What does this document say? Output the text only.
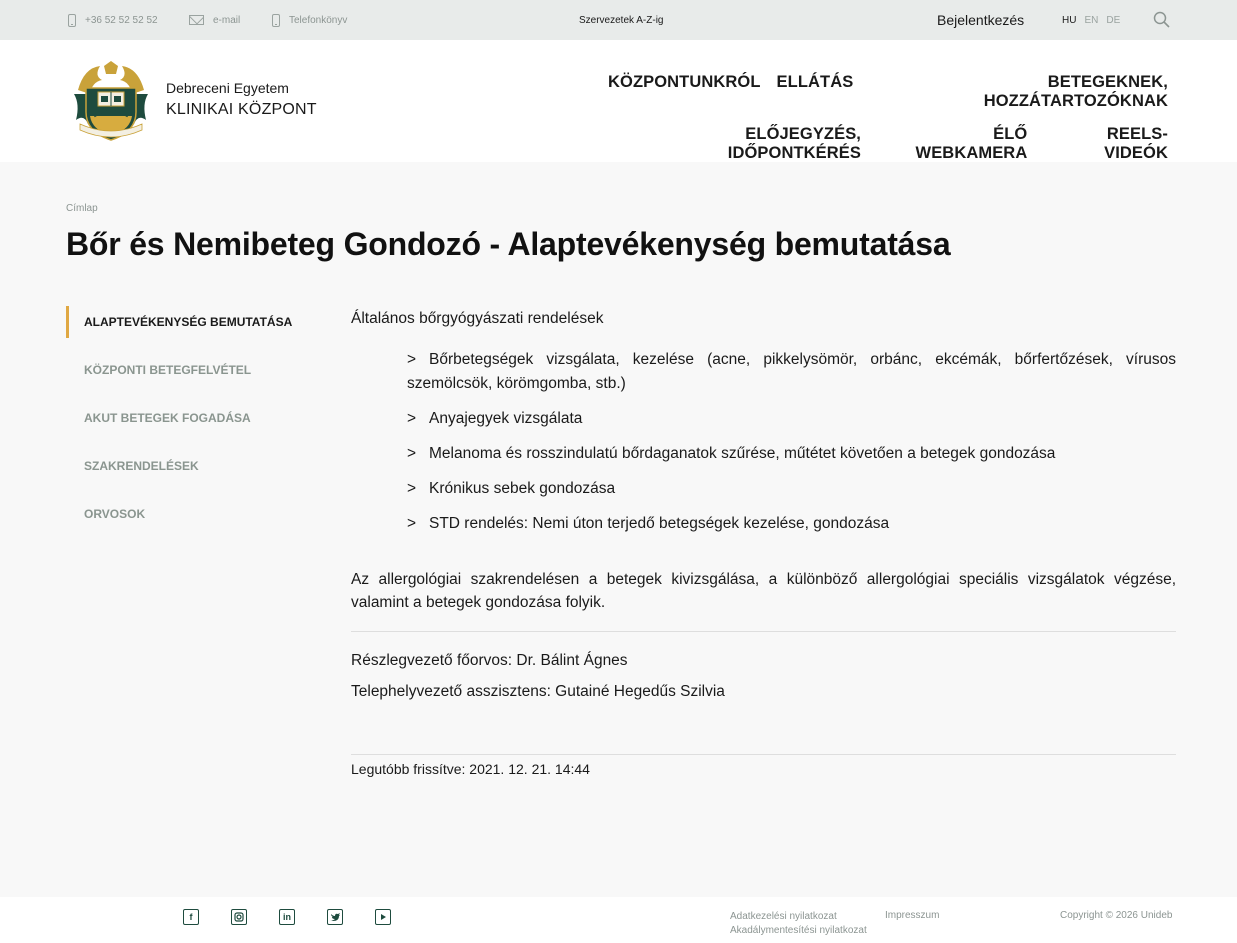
+36 52 52 52 52	e-mail	Telefonkönyv	Szervezetek A-Z-ig	Bejelentkezés	HU EN DE
Debreceni Egyetem
KLINIKAI KÖZPONT
KÖZPONTUNKRÓL ELLÁTÁS	BETEGEKNEK, HOZZÁTARTOZÓKNAK
ELŐJEGYZÉS, IDŐPONTKÉRÉS
ÉLŐ WEBKAMERA
REELS-VIDEÓK
Címlap
Bőr és Nemibeteg Gondozó - Alaptevékenység bemutatása
ALAPTEVÉKENYSÉG BEMUTATÁSA
KÖZPONTI BETEGFELVÉTEL
AKUT BETEGEK FOGADÁSA
SZAKRENDELÉSEK
ORVOSOK

Általános bőrgyógyászati rendelések

> Bőrbetegségek vizsgálata, kezelése (acne, pikkelysömör, orbánc, ekcémák, bőrfertőzések, vírusos szemölcsök, körömgomba, stb.)
> Anyajegyek vizsgálata
> Melanoma és rosszindulatú bőrdaganatok szűrése, műtétet követően a betegek gondozása
> Krónikus sebek gondozása
> STD rendelés: Nemi úton terjedő betegségek kezelése, gondozása

Az allergológiai szakrendelésen a betegek kivizsgálása, a különböző allergológiai speciális vizsgálatok végzése, valamint a betegek gondozása folyik.

Részlegvezető főorvos: Dr. Bálint Ágnes

Telephelyvezető asszisztens: Gutainé Hegedűs Szilvia

Legutóbb frissítve: 2021. 12. 21. 14:44
f	in	Adatkezelési nyilatkozat
Akadálymentesítési nyilatkozat
Impresszum	Copyright © 2026 Unideb
